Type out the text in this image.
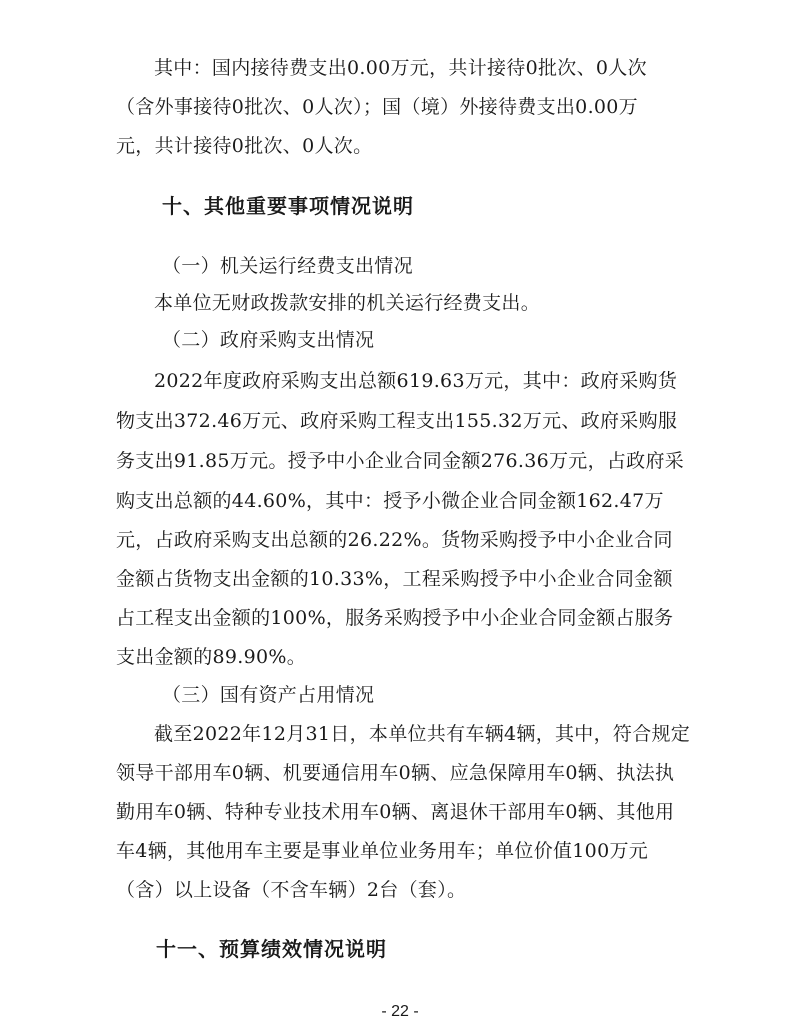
其中：国内接待费支出0.00万元，共计接待0批次、0人次
（含外事接待0批次、0人次）；国（境）外接待费支出0.00万
元，共计接待0批次、0人次。
十、其他重要事项情况说明
（一）机关运行经费支出情况
本单位无财政拨款安排的机关运行经费支出。
（二）政府采购支出情况
2022年度政府采购支出总额619.63万元，其中：政府采购货
物支出372.46万元、政府采购工程支出155.32万元、政府采购服
务支出91.85万元。授予中小企业合同金额276.36万元，占政府采
购支出总额的44.60%，其中：授予小微企业合同金额162.47万
元，占政府采购支出总额的26.22%。货物采购授予中小企业合同
金额占货物支出金额的10.33%，工程采购授予中小企业合同金额
占工程支出金额的100%，服务采购授予中小企业合同金额占服务
支出金额的89.90%。
（三）国有资产占用情况
截至2022年12月31日，本单位共有车辆4辆，其中，符合规定
领导干部用车0辆、机要通信用车0辆、应急保障用车0辆、执法执
勤用车0辆、特种专业技术用车0辆、离退休干部用车0辆、其他用
车4辆，其他用车主要是事业单位业务用车；单位价值100万元
（含）以上设备（不含车辆）2台（套）。
十一、预算绩效情况说明
- 22 -
